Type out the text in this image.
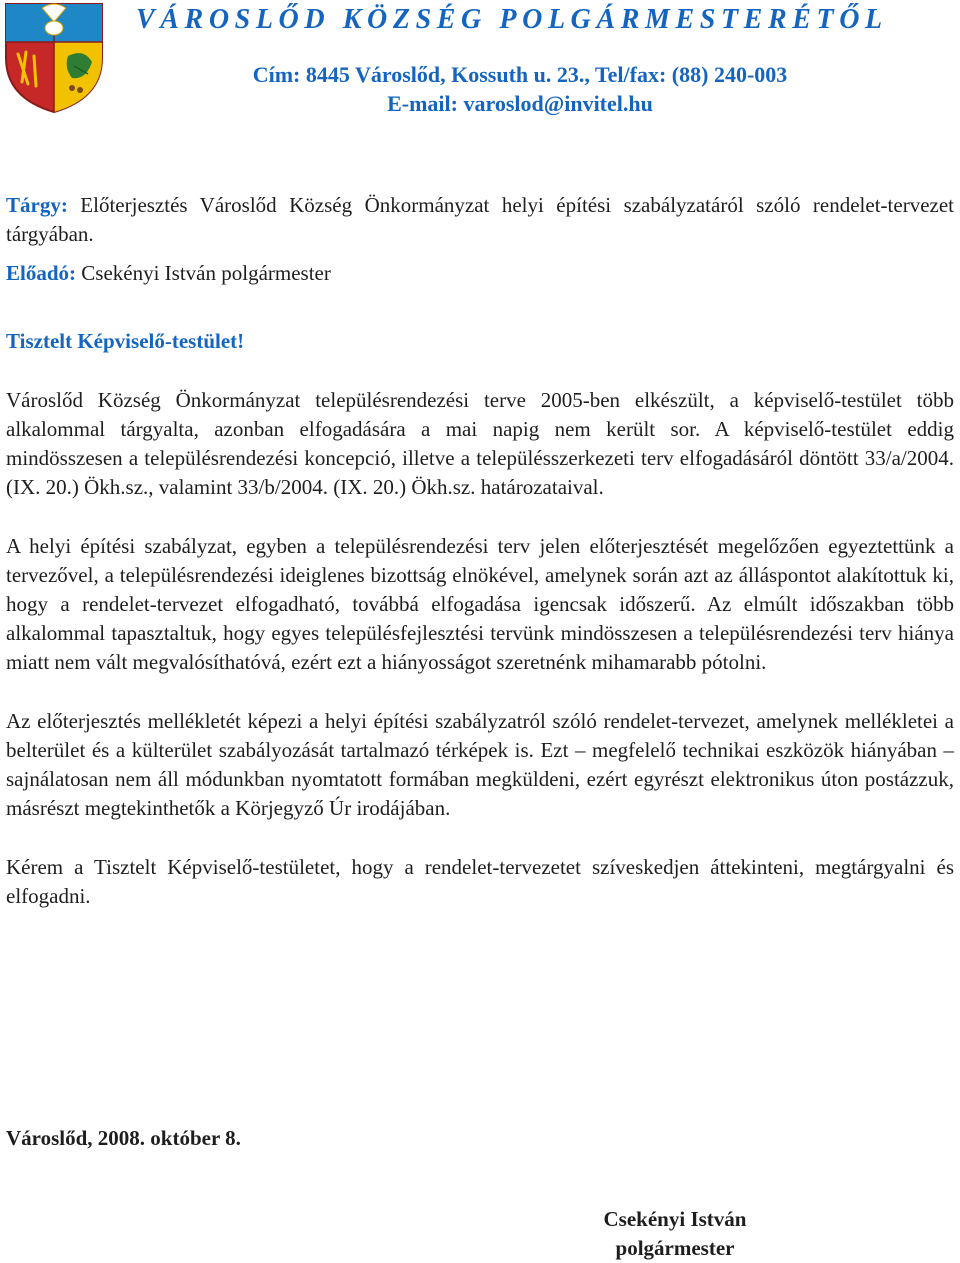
VÁROSLŐD KÖZSÉG POLGÁRMESTERÉTŐL
Cím: 8445 Városlőd, Kossuth u. 23., Tel/fax: (88) 240-003
E-mail: varoslod@invitel.hu

Tárgy: Előterjesztés Városlőd Község Önkormányzat helyi építési szabályzatáról szóló rendelet-tervezet tárgyában.

Előadó: Csekényi István polgármester

Tisztelt Képviselő-testület!

Városlőd Község Önkormányzat településrendezési terve 2005-ben elkészült, a képviselő-testület több alkalommal tárgyalta, azonban elfogadására a mai napig nem került sor. A képviselő-testület eddig mindösszesen a településrendezési koncepció, illetve a településszerkezeti terv elfogadásáról döntött 33/a/2004. (IX. 20.) Ökh.sz., valamint 33/b/2004. (IX. 20.) Ökh.sz. határozataival.

A helyi építési szabályzat, egyben a településrendezési terv jelen előterjesztését megelőzően egyeztettünk a tervezővel, a településrendezési ideiglenes bizottság elnökével, amelynek során azt az álláspontot alakítottuk ki, hogy a rendelet-tervezet elfogadható, továbbá elfogadása igencsak időszerű. Az elmúlt időszakban több alkalommal tapasztaltuk, hogy egyes településfejlesztési tervünk mindösszesen a településrendezési terv hiánya miatt nem vált megvalósíthatóvá, ezért ezt a hiányosságot szeretnénk mihamarabb pótolni.

Az előterjesztés mellékletét képezi a helyi építési szabályzatról szóló rendelet-tervezet, amelynek mellékletei a belterület és a külterület szabályozását tartalmazó térképek is. Ezt – megfelelő technikai eszközök hiányában – sajnálatosan nem áll módunkban nyomtatott formában megküldeni, ezért egyrészt elektronikus úton postázzuk, másrészt megtekinthetők a Körjegyző Úr irodájában.

Kérem a Tisztelt Képviselő-testületet, hogy a rendelet-tervezetet szíveskedjen áttekinteni, megtárgyalni és elfogadni.

Városlőd, 2008. október 8.

Csekényi István
polgármester
